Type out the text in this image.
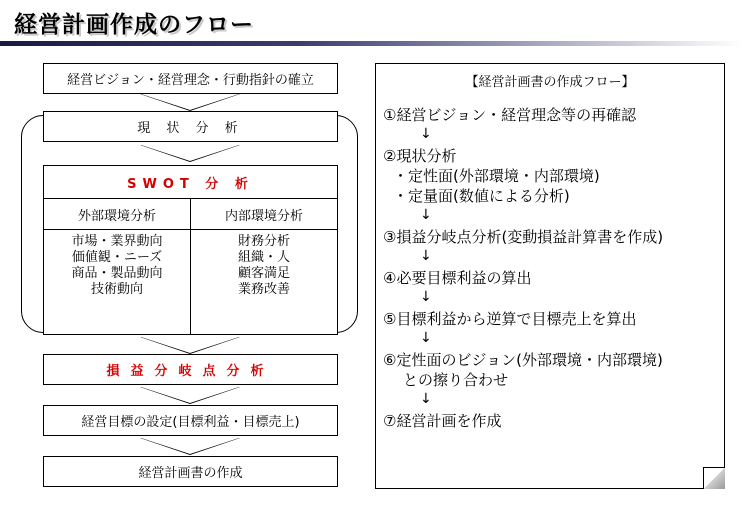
経営計画作成のフロー
経営ビジョン・経営理念・行動指針の確立
現 状 分 析
SWOT 分 析
外部環境分析
市場・業界動向
価値観・ニーズ
商品・製品動向
技術動向
内部環境分析
財務分析
組織・人
顧客満足
業務改善
損益分岐点分析
経営目標の設定(目標利益・目標売上)
経営計画書の作成
【経営計画書の作成フロー】
①経営ビジョン・経営理念等の再確認
↓
②現状分析
・定性面(外部環境・内部環境)
・定量面(数値による分析)
↓
③損益分岐点分析(変動損益計算書を作成)
↓
④必要目標利益の算出
↓
⑤目標利益から逆算で目標売上を算出
↓
⑥定性面のビジョン(外部環境・内部環境)
との擦り合わせ
↓
⑦経営計画を作成
